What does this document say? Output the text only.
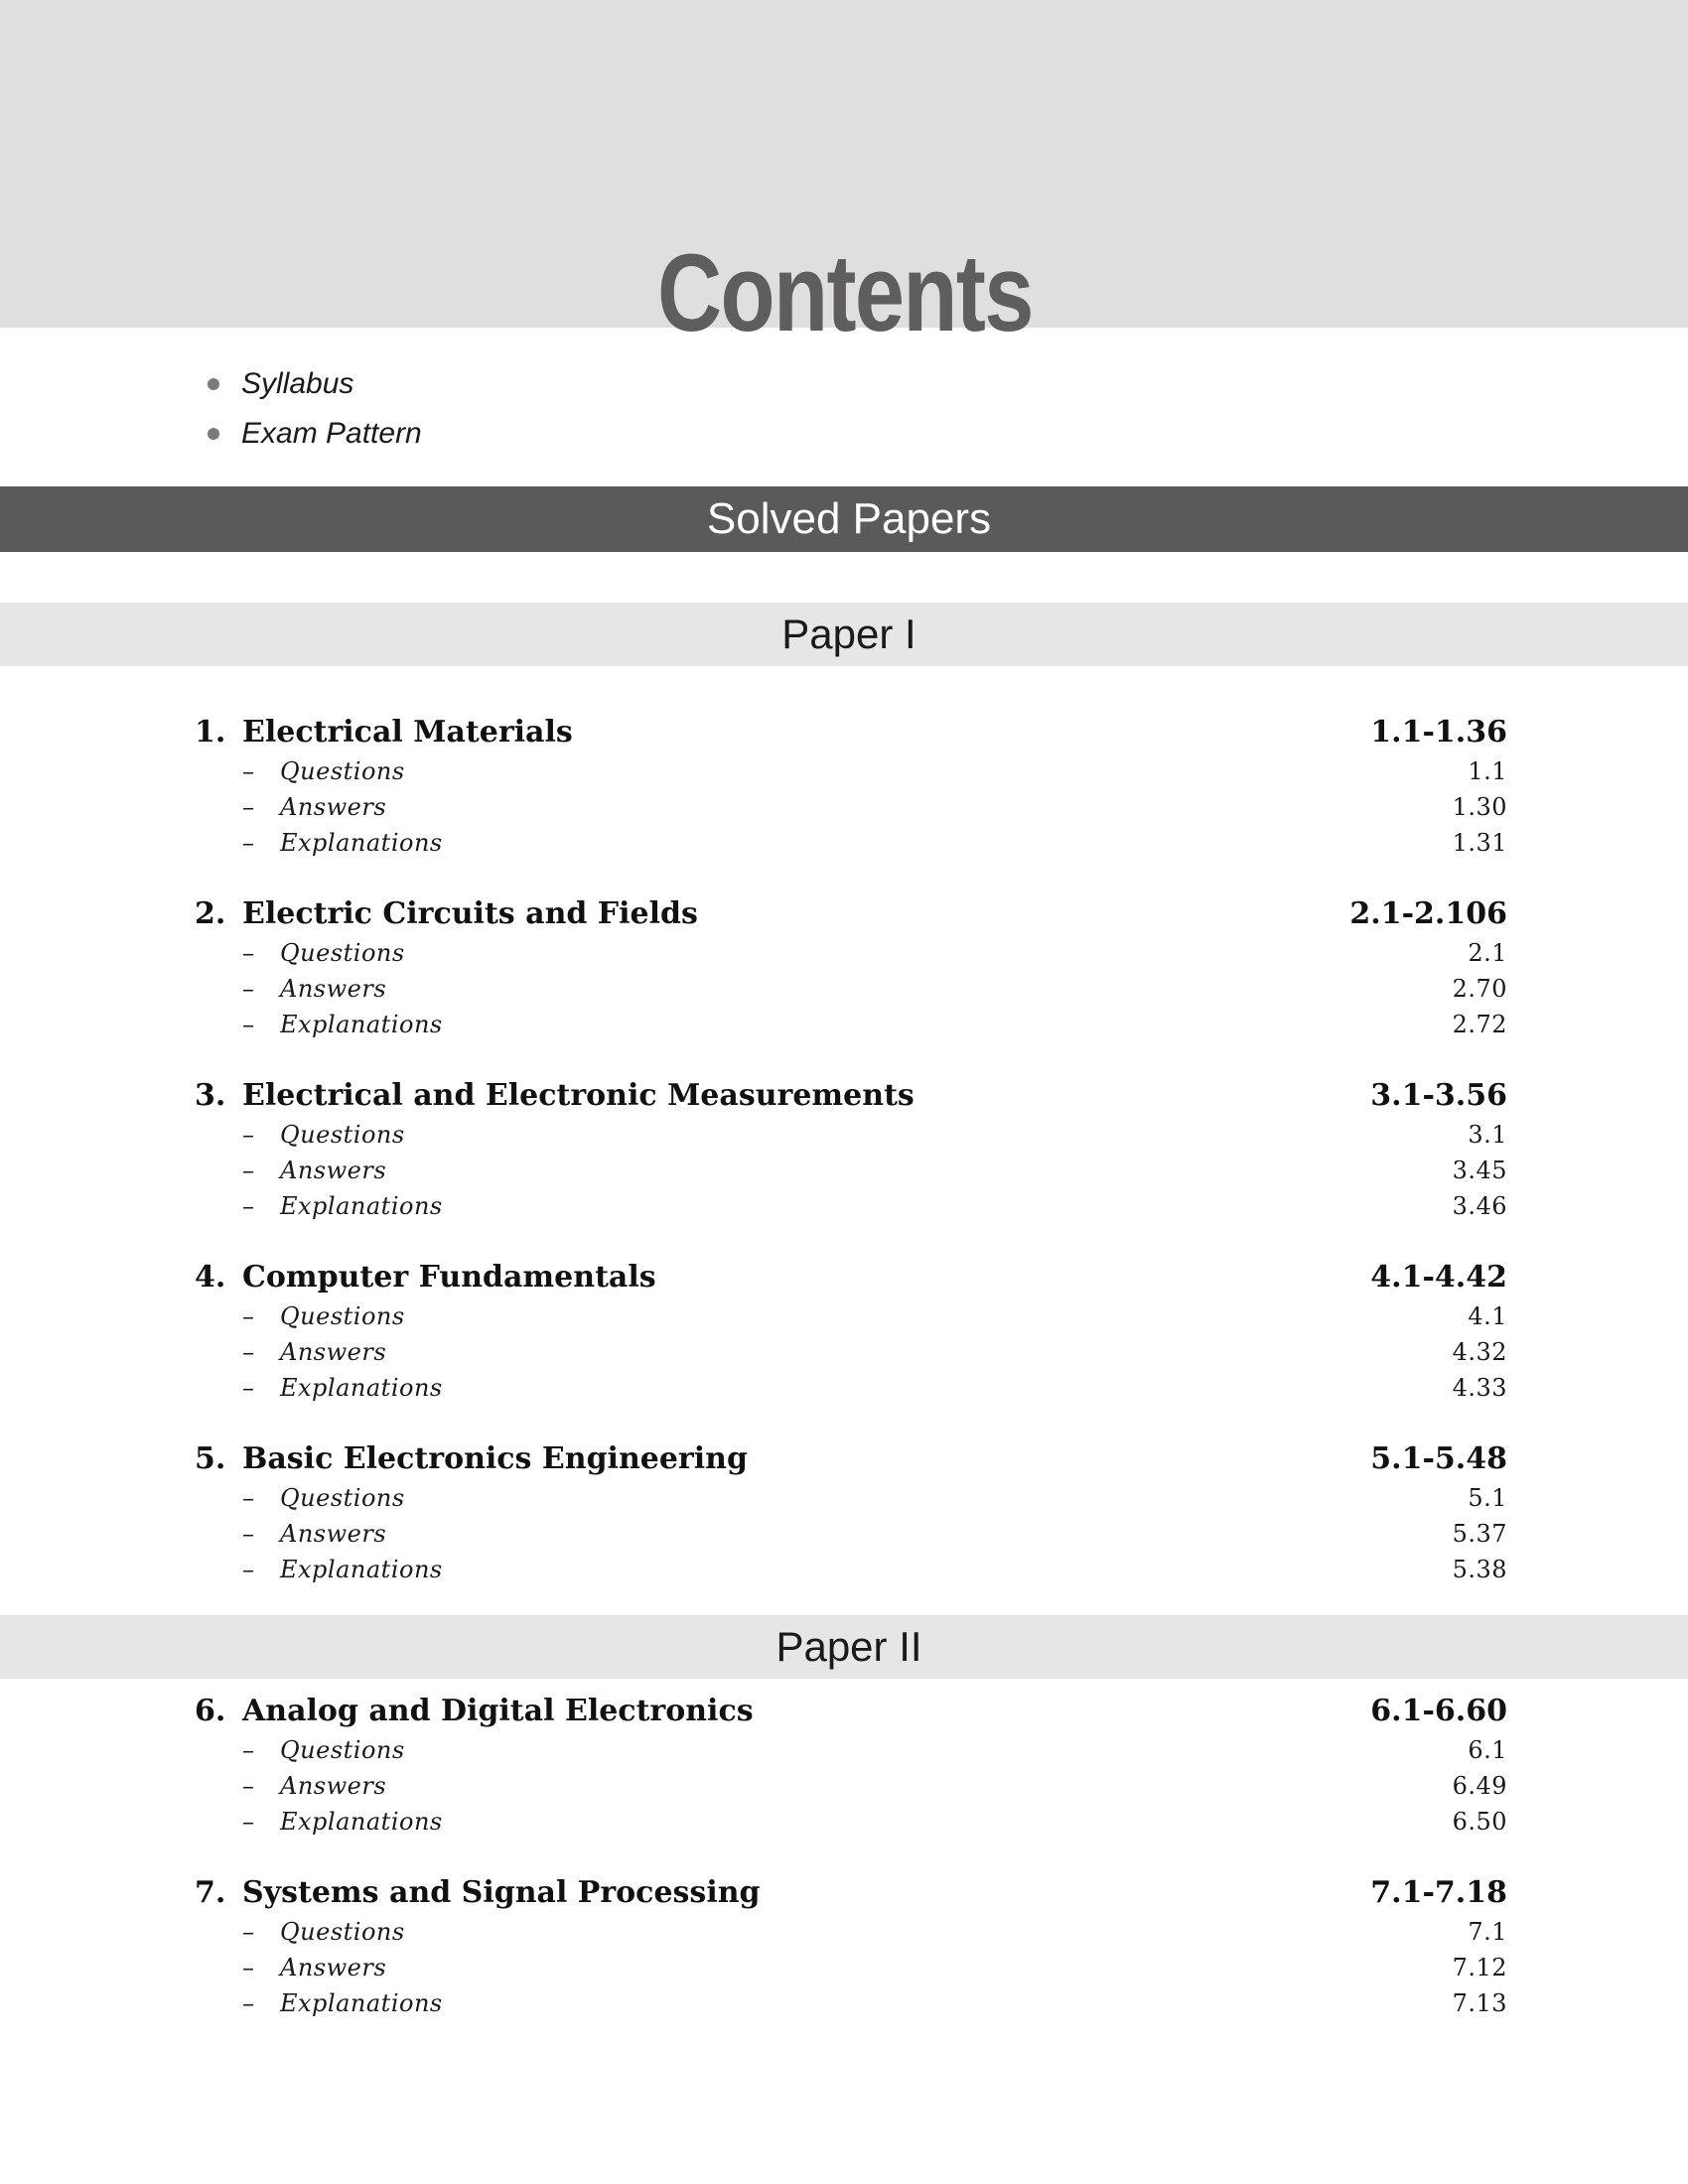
Contents
Syllabus
Exam Pattern
Solved Papers
Paper I
1. Electrical Materials	1.1-1.36
–	Questions	1.1
–	Answers	1.30
–	Explanations	1.31
2. Electric Circuits and Fields	2.1-2.106
–	Questions	2.1
–	Answers	2.70
–	Explanations	2.72
3. Electrical and Electronic Measurements	3.1-3.56
–	Questions	3.1
–	Answers	3.45
–	Explanations	3.46
4. Computer Fundamentals	4.1-4.42
–	Questions	4.1
–	Answers	4.32
–	Explanations	4.33
5. Basic Electronics Engineering	5.1-5.48
–	Questions	5.1
–	Answers	5.37
–	Explanations	5.38
Paper II
6. Analog and Digital Electronics	6.1-6.60
–	Questions	6.1
–	Answers	6.49
–	Explanations	6.50
7. Systems and Signal Processing	7.1-7.18
–	Questions	7.1
–	Answers	7.12
–	Explanations	7.13
